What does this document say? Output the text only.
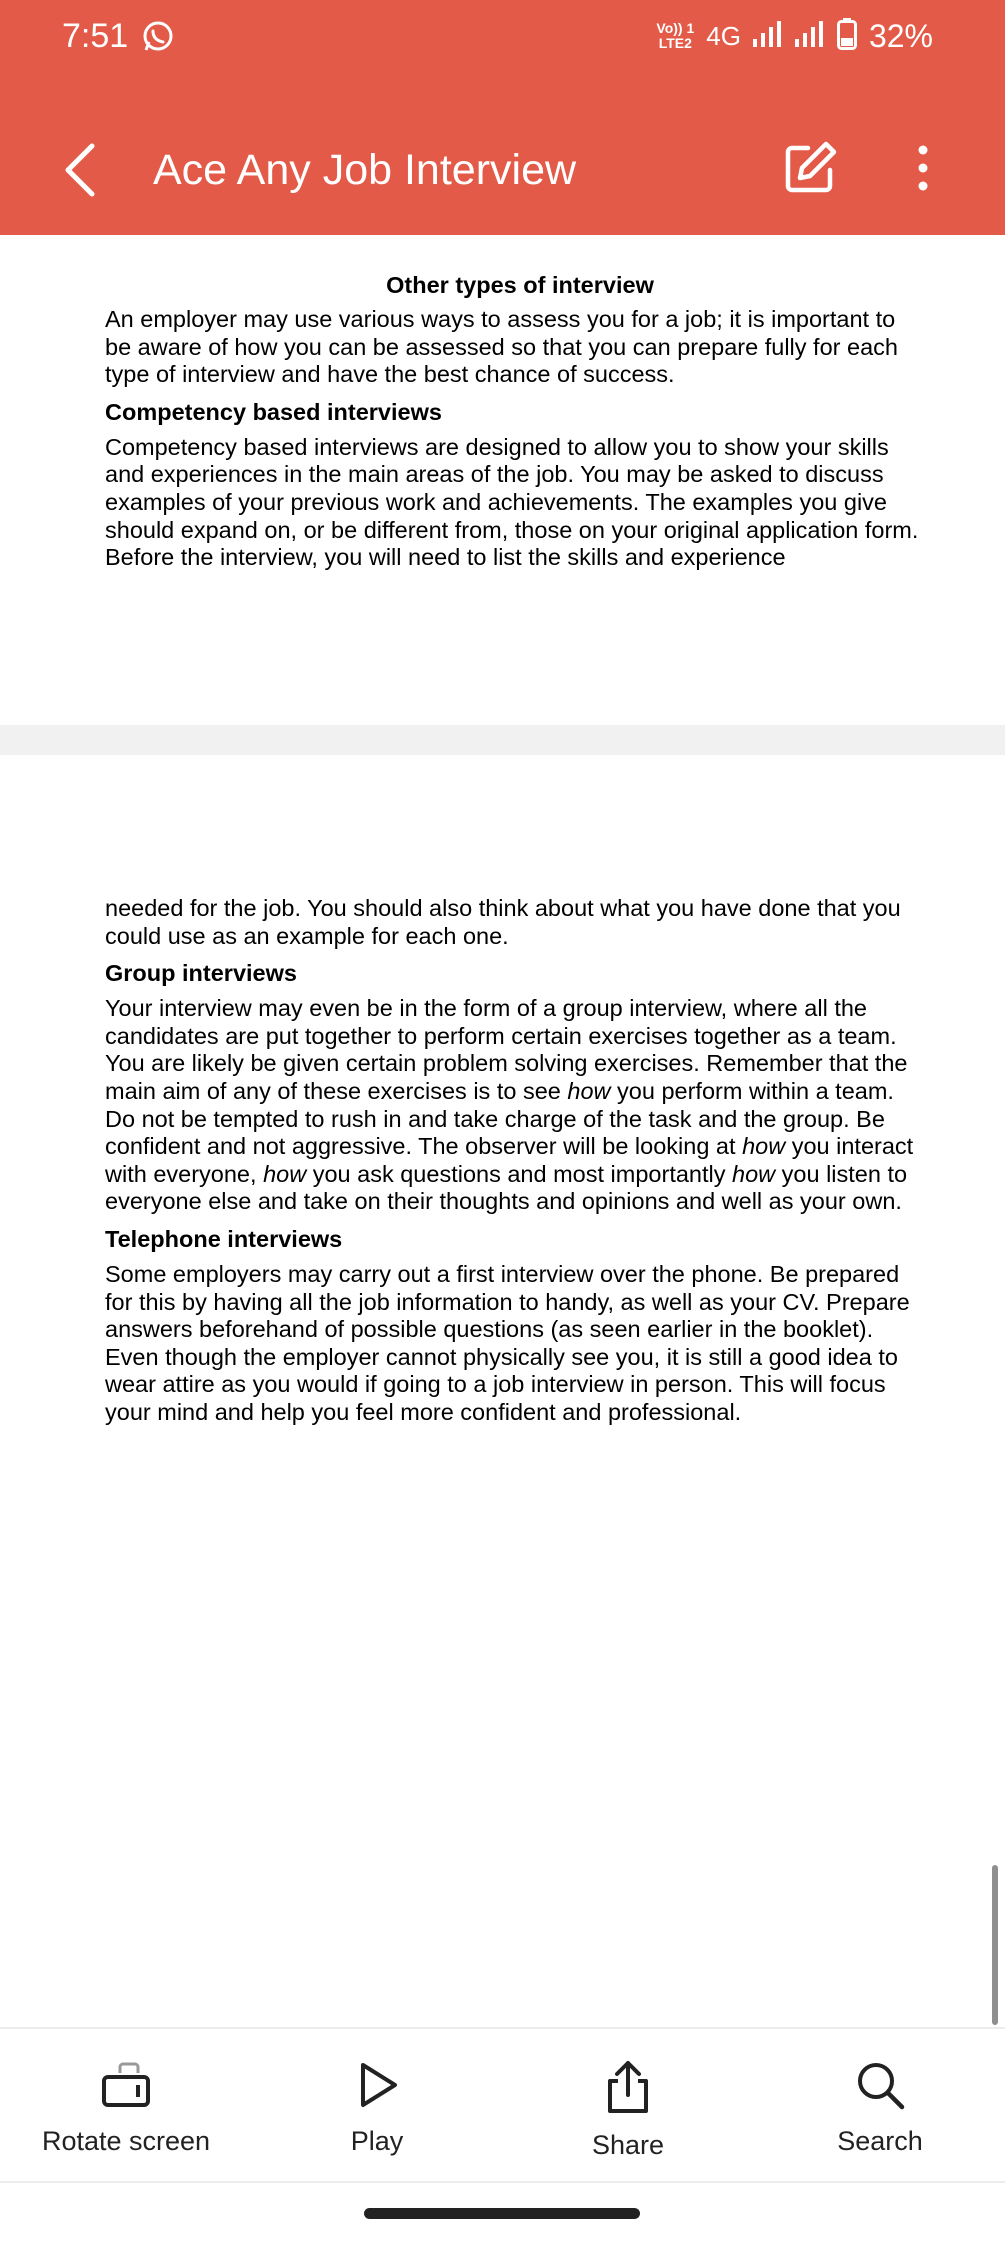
7:51	Vo)) 1
LTE2 4G	32%
Ace Any Job Interview
Other types of interview

An employer may use various ways to assess you for a job; it is important to be aware of how you can be assessed so that you can prepare fully for each type of interview and have the best chance of success.

Competency based interviews

Competency based interviews are designed to allow you to show your skills and experiences in the main areas of the job. You may be asked to discuss examples of your previous work and achievements. The examples you give should expand on, or be different from, those on your original application form. Before the interview, you will need to list the skills and experience

needed for the job. You should also think about what you have done that you could use as an example for each one.

Group interviews

Your interview may even be in the form of a group interview, where all the candidates are put together to perform certain exercises together as a team. You are likely be given certain problem solving exercises. Remember that the main aim of any of these exercises is to see how you perform within a team. Do not be tempted to rush in and take charge of the task and the group. Be confident and not aggressive. The observer will be looking at how you interact with everyone, how you ask questions and most importantly how you listen to everyone else and take on their thoughts and opinions and well as your own.

Telephone interviews

Some employers may carry out a first interview over the phone. Be prepared for this by having all the job information to handy, as well as your CV. Prepare answers beforehand of possible questions (as seen earlier in the booklet). Even though the employer cannot physically see you, it is still a good idea to wear attire as you would if going to a job interview in person. This will focus your mind and help you feel more confident and professional.

Rotate screen	Play	Share	Search
